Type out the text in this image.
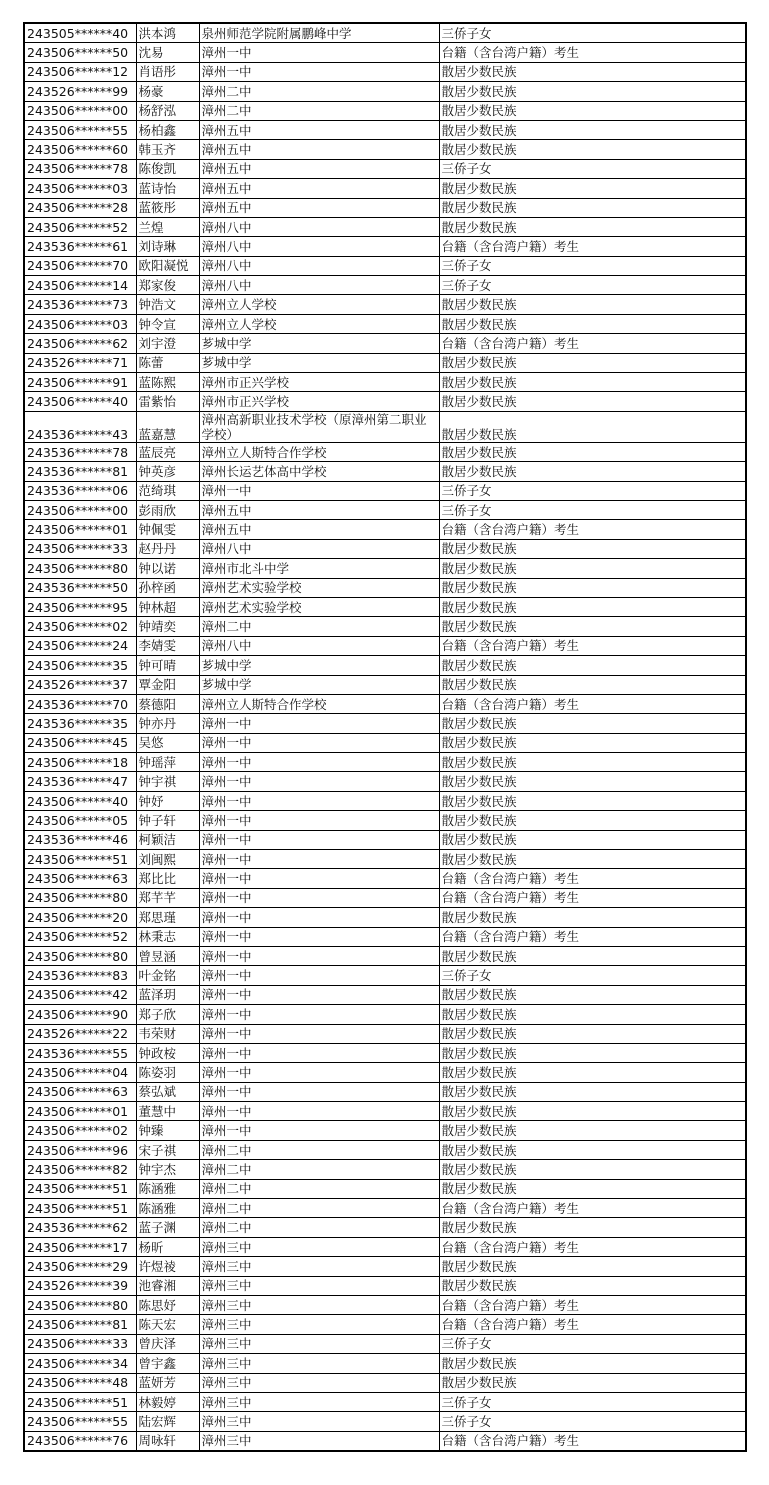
243505******40	洪本鸿	泉州师范学院附属鹏峰中学	三侨子女
243506******50	沈易	漳州一中	台籍（含台湾户籍）考生
243506******12	肖语彤	漳州一中	散居少数民族
243526******99	杨豪	漳州二中	散居少数民族
243506******00	杨舒泓	漳州二中	散居少数民族
243506******55	杨柏鑫	漳州五中	散居少数民族
243506******60	韩玉齐	漳州五中	散居少数民族
243506******78	陈俊凯	漳州五中	三侨子女
243506******03	蓝诗怡	漳州五中	散居少数民族
243506******28	蓝筱彤	漳州五中	散居少数民族
243506******52	兰煌	漳州八中	散居少数民族
243536******61	刘诗琳	漳州八中	台籍（含台湾户籍）考生
243506******70	欧阳凝悦	漳州八中	三侨子女
243506******14	郑家俊	漳州八中	三侨子女
243536******73	钟浩文	漳州立人学校	散居少数民族
243506******03	钟令宣	漳州立人学校	散居少数民族
243506******62	刘宇澄	芗城中学	台籍（含台湾户籍）考生
243526******71	陈蕾	芗城中学	散居少数民族
243506******91	蓝陈熙	漳州市正兴学校	散居少数民族
243506******40	雷紫怡	漳州市正兴学校	散居少数民族
243536******43	蓝嘉慧	漳州高新职业技术学校（原漳州第二职业学校）	散居少数民族
243536******78	蓝辰亮	漳州立人斯特合作学校	散居少数民族
243536******81	钟英彦	漳州长运艺体高中学校	散居少数民族
243536******06	范绮琪	漳州一中	三侨子女
243506******00	彭雨欣	漳州五中	三侨子女
243506******01	钟佩雯	漳州五中	台籍（含台湾户籍）考生
243506******33	赵丹丹	漳州八中	散居少数民族
243506******80	钟以诺	漳州市北斗中学	散居少数民族
243536******50	孙梓函	漳州艺术实验学校	散居少数民族
243506******95	钟林超	漳州艺术实验学校	散居少数民族
243506******02	钟靖奕	漳州二中	散居少数民族
243506******24	李婧雯	漳州八中	台籍（含台湾户籍）考生
243506******35	钟可晴	芗城中学	散居少数民族
243526******37	覃金阳	芗城中学	散居少数民族
243536******70	蔡德阳	漳州立人斯特合作学校	台籍（含台湾户籍）考生
243536******35	钟亦丹	漳州一中	散居少数民族
243506******45	吴悠	漳州一中	散居少数民族
243506******18	钟瑶萍	漳州一中	散居少数民族
243536******47	钟宇祺	漳州一中	散居少数民族
243506******40	钟妤	漳州一中	散居少数民族
243506******05	钟子轩	漳州一中	散居少数民族
243536******46	柯颖洁	漳州一中	散居少数民族
243506******51	刘闽熙	漳州一中	散居少数民族
243506******63	郑比比	漳州一中	台籍（含台湾户籍）考生
243506******80	郑芊芊	漳州一中	台籍（含台湾户籍）考生
243506******20	郑思瑾	漳州一中	散居少数民族
243506******52	林秉志	漳州一中	台籍（含台湾户籍）考生
243506******80	曾昱涵	漳州一中	散居少数民族
243536******83	叶金铭	漳州一中	三侨子女
243506******42	蓝泽玥	漳州一中	散居少数民族
243506******90	郑子欣	漳州一中	散居少数民族
243526******22	韦荣财	漳州一中	散居少数民族
243536******55	钟政桉	漳州一中	散居少数民族
243506******04	陈姿羽	漳州一中	散居少数民族
243506******63	蔡弘斌	漳州一中	散居少数民族
243506******01	董慧中	漳州一中	散居少数民族
243506******02	钟臻	漳州一中	散居少数民族
243506******96	宋子祺	漳州二中	散居少数民族
243506******82	钟宇杰	漳州二中	散居少数民族
243506******51	陈涵雅	漳州二中	散居少数民族
243506******51	陈涵雅	漳州二中	台籍（含台湾户籍）考生
243536******62	蓝子渊	漳州二中	散居少数民族
243506******17	杨昕	漳州三中	台籍（含台湾户籍）考生
243506******29	许煜祾	漳州三中	散居少数民族
243526******39	池睿湘	漳州三中	散居少数民族
243506******80	陈思妤	漳州三中	台籍（含台湾户籍）考生
243506******81	陈天宏	漳州三中	台籍（含台湾户籍）考生
243506******33	曾庆泽	漳州三中	三侨子女
243506******34	曾宇鑫	漳州三中	散居少数民族
243506******48	蓝妍芳	漳州三中	散居少数民族
243506******51	林毅婷	漳州三中	三侨子女
243506******55	陆宏辉	漳州三中	三侨子女
243506******76	周咏轩	漳州三中	台籍（含台湾户籍）考生
